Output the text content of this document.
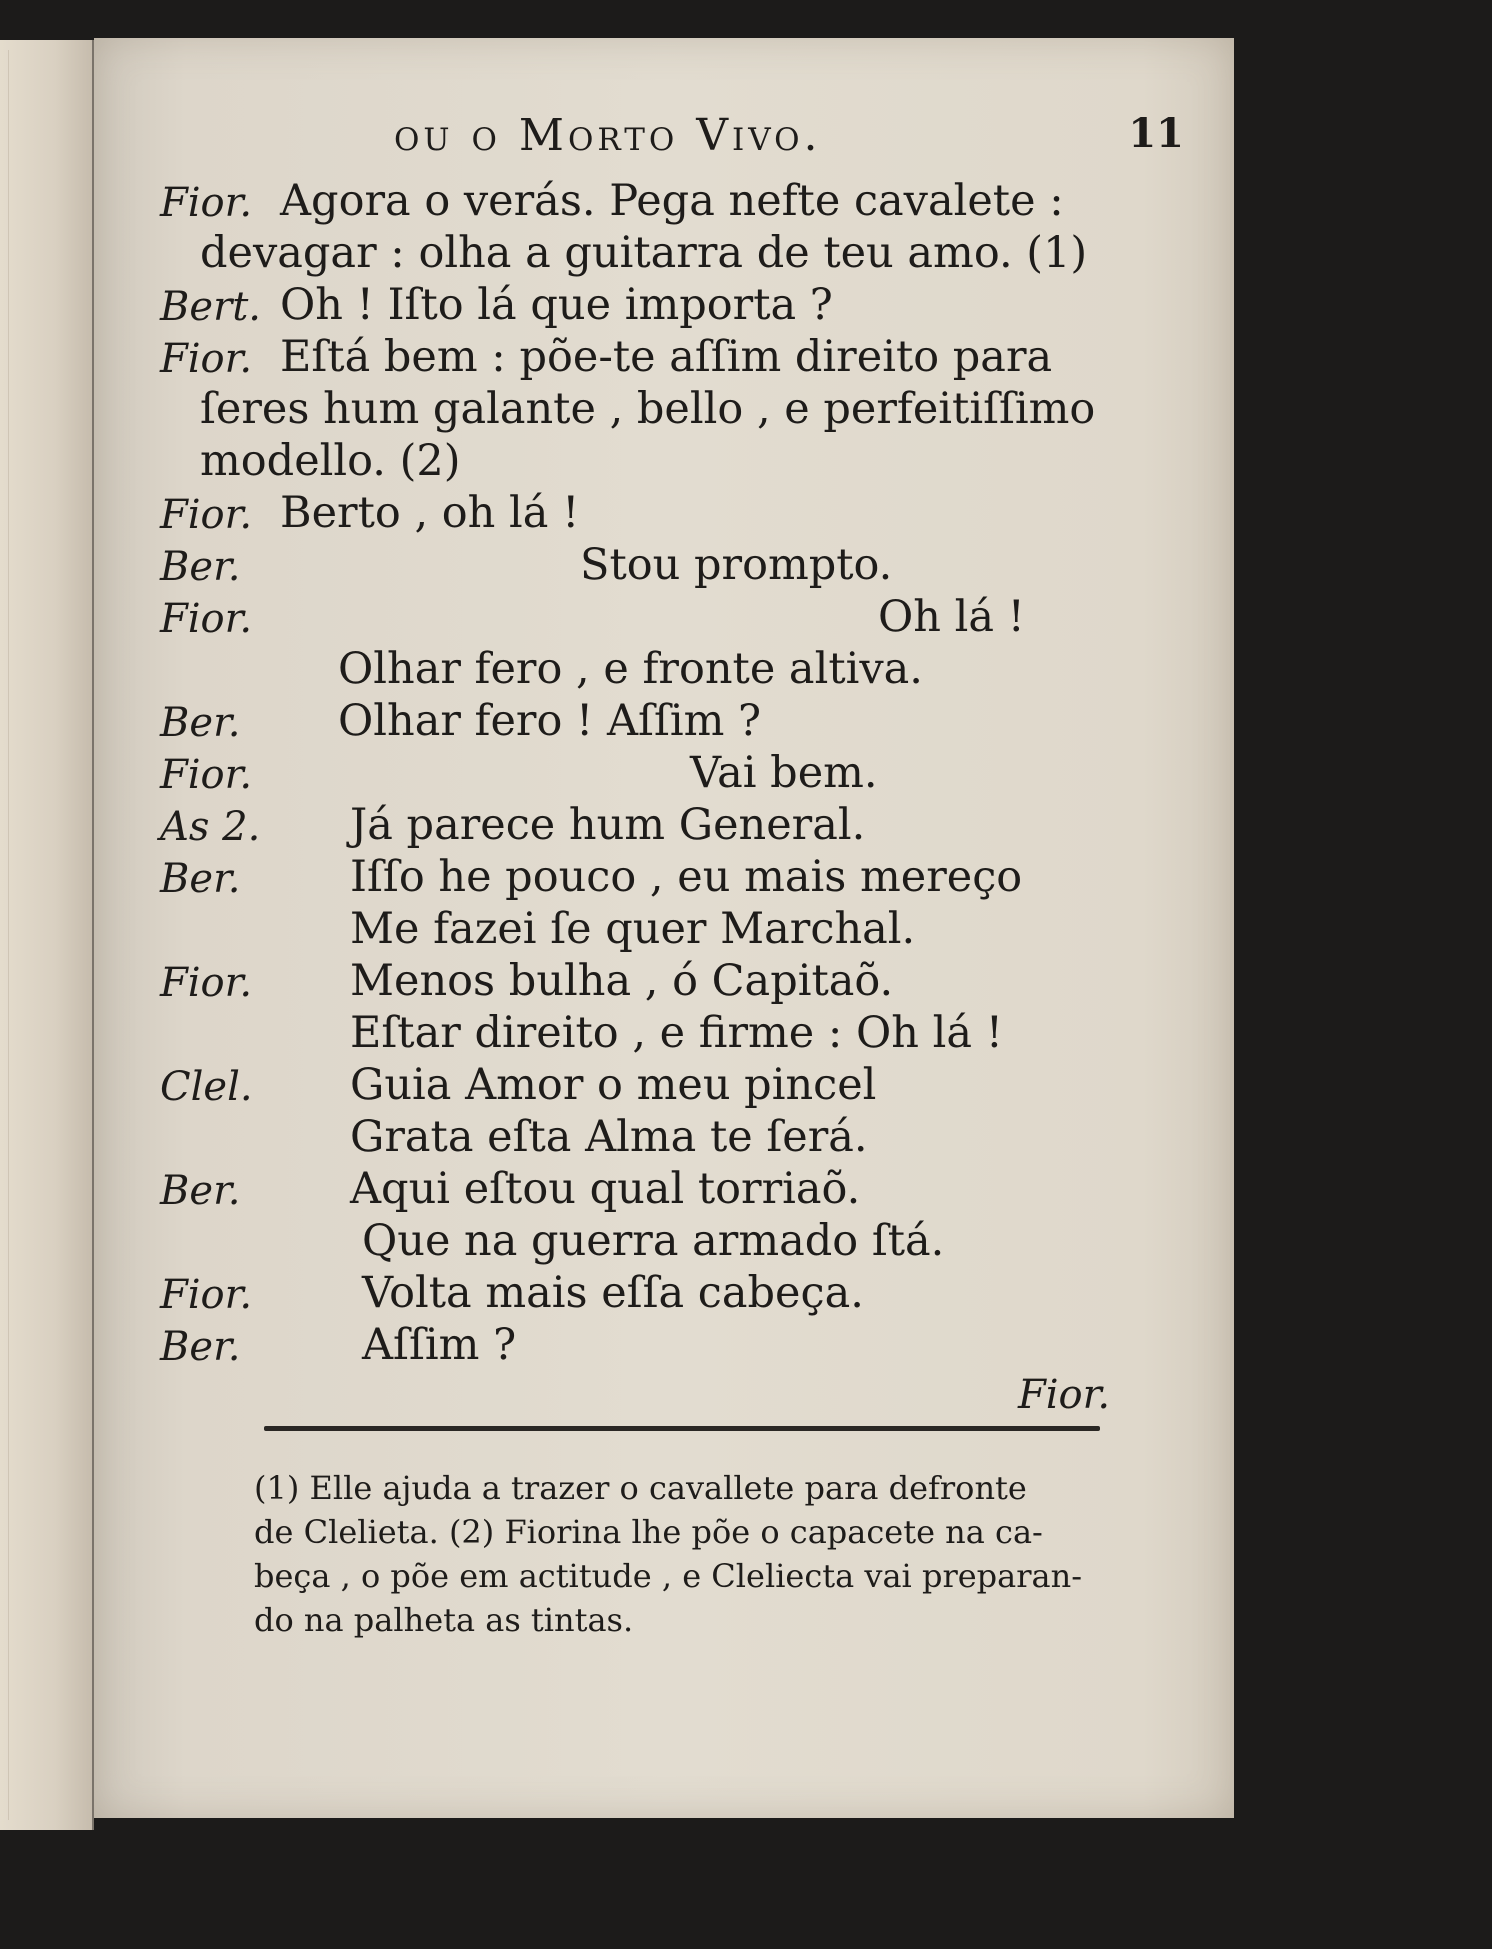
ou o Morto Vivo.	11
Fior. Agora o verás. Pega nefte cavalete :
devagar : olha a guitarra de teu amo. (1)
Bert. Oh ! Iſto lá que importa ?
Fior. Eſtá bem : põe-te aſſim direito para
ſeres hum galante , bello , e perfeitiſſimo
modello. (2)
Fior. Berto , oh lá !
Ber.	Stou prompto.
Fior.	Oh lá !
Olhar fero , e fronte altiva.
Ber. Olhar fero ! Aſſim ?
Fior.	Vai bem.
As 2. Já parece hum General.
Ber.	Iſſo he pouco , eu mais mereço
Me fazei ſe quer Marchal.
Fior. Menos bulha , ó Capitaõ.
Eſtar direito , e firme : Oh lá !
Clel. Guia Amor o meu pincel
Grata eſta Alma te ſerá.
Ber.	Aqui eſtou qual torriaõ.
Que na guerra armado ſtá.
Fior.	Volta mais eſſa cabeça.
Ber.	Aſſim ?
Fior.
(1) Elle ajuda a trazer o cavallete para defronte
de Clelieta. (2) Fiorina lhe põe o capacete na ca-
beça , o põe em actitude , e Cleliecta vai preparan-
do na palheta as tintas.
